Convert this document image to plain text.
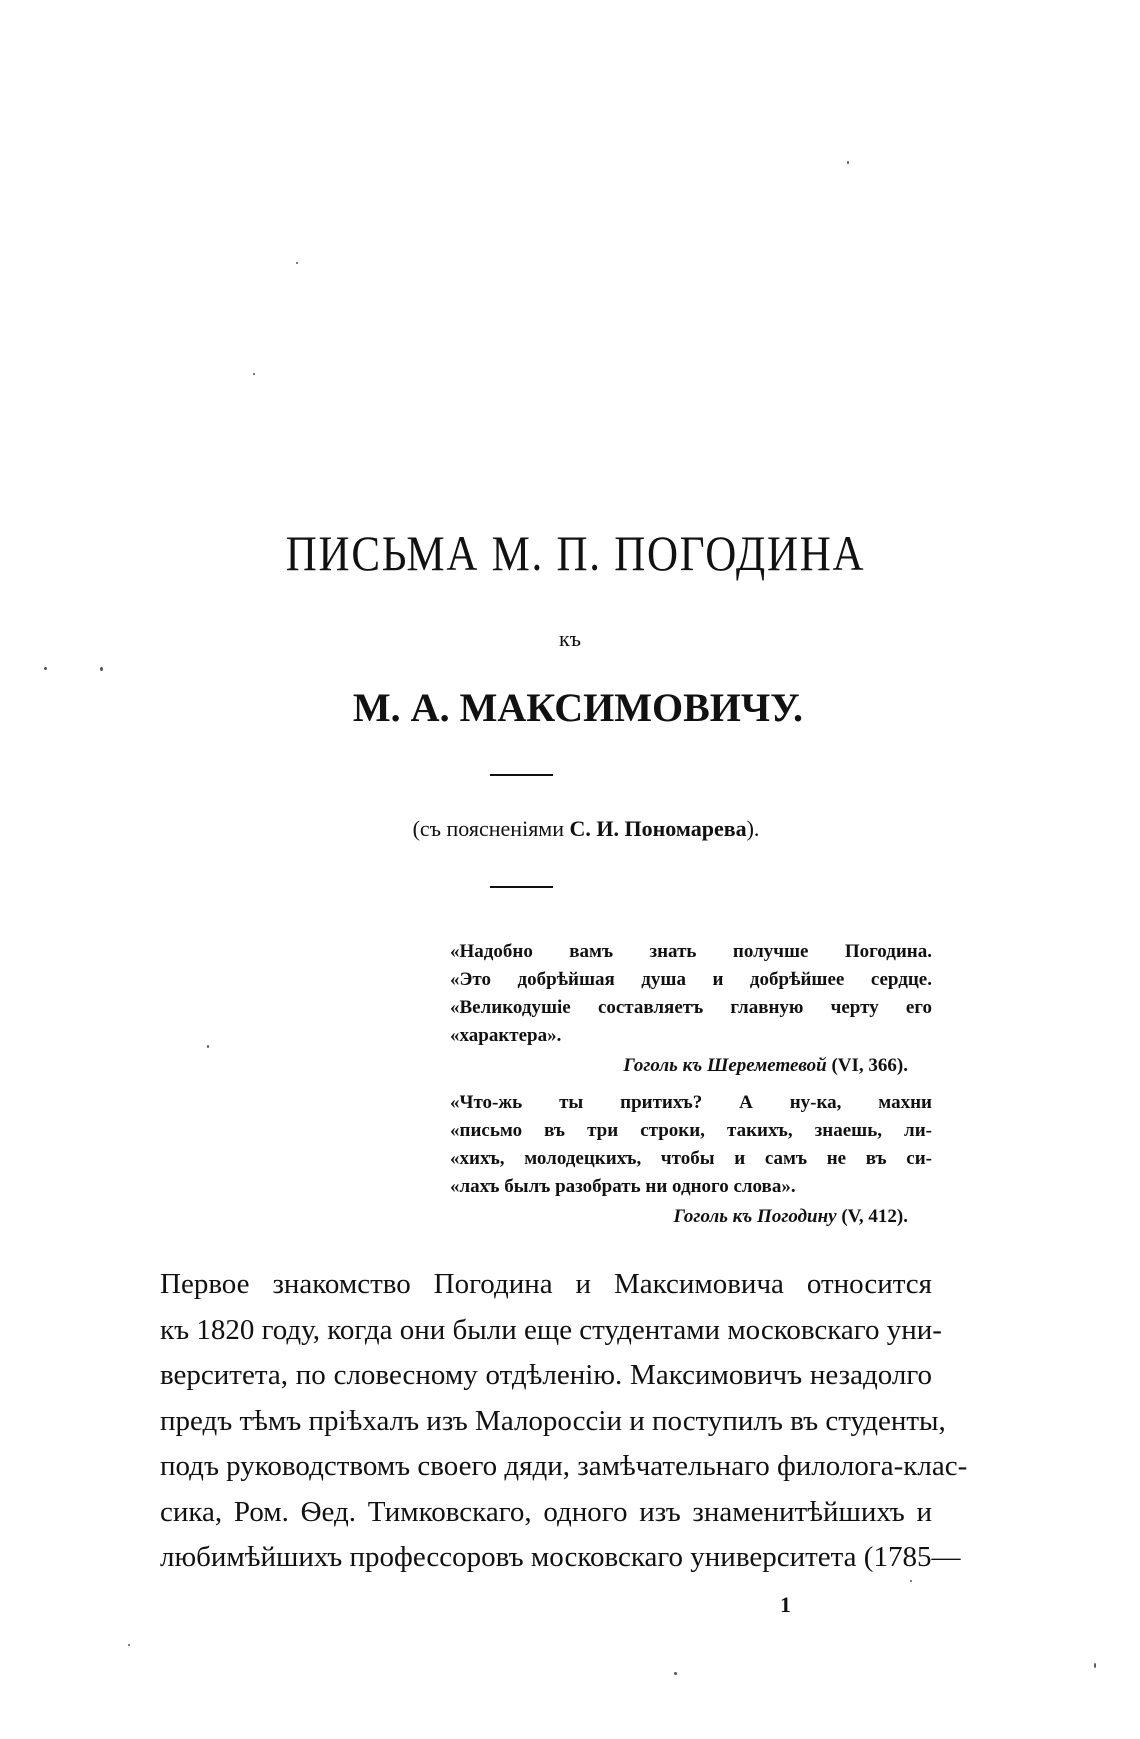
ПИСЬМА М. П. ПОГОДИНА
къ
М. А. МАКСИМОВИЧУ.
(съ поясненiями С. И. Пономарева).
«Надобно вамъ знать получше Погодина.
«Это добрѣйшая душа и добрѣйшее сердце.
«Великодушiе составляетъ главную черту его
«характера».
Гоголь къ Шереметевой (VI, 366).
«Что-жь ты притихъ? А ну-ка, махни
«письмо въ три строки, такихъ, знаешь, ли-
«хихъ, молодецкихъ, чтобы и самъ не въ си-
«лахъ былъ разобрать ни одного слова».
Гоголь къ Погодину (V, 412).
Первое знакомство Погодина и Максимовича относится
къ 1820 году, когда они были еще студентами московскаго уни-
верситета, по словесному отдѣленiю. Максимовичъ незадолго
предъ тѣмъ прiѣхалъ изъ Малороссiи и поступилъ въ студенты,
подъ руководствомъ своего дяди, замѣчательнаго филолога-клас-
сика, Ром. Ѳед. Тимковскаго, одного изъ знаменитѣйшихъ и
любимѣйшихъ профессоровъ московскаго университета (1785—
1
